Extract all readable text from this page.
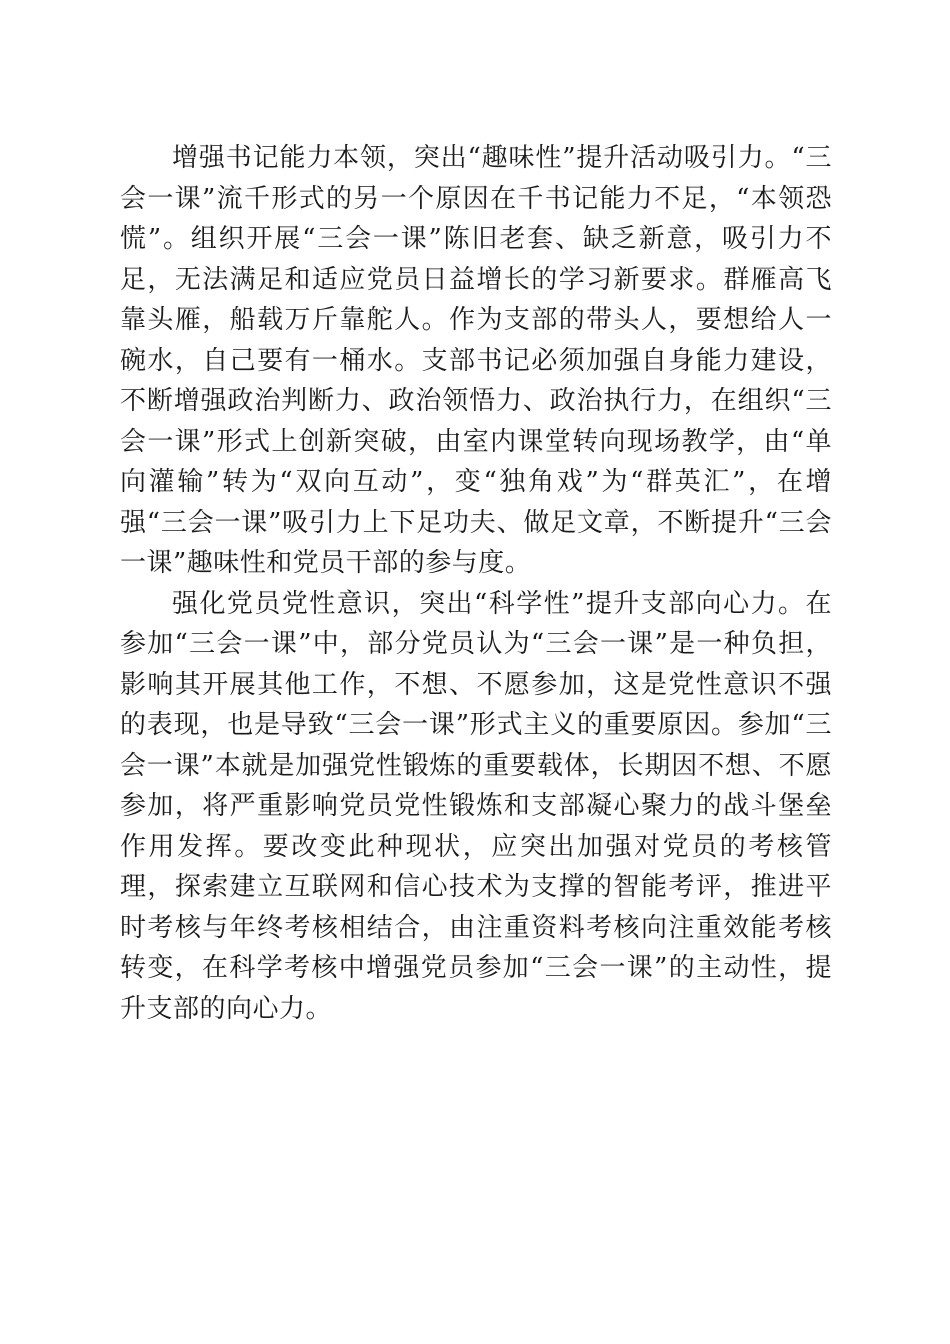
增强书记能力本领，突出“趣味性”提升活动吸引力。“三会一课”流千形式的另一个原因在千书记能力不足，“本领恐慌”。组织开展“三会一课”陈旧老套、缺乏新意，吸引力不足，无法满足和适应党员日益增长的学习新要求。群雁高飞靠头雁，船载万斤靠舵人。作为支部的带头人，要想给人一碗水，自己要有一桶水。支部书记必须加强自身能力建设，不断增强政治判断力、政治领悟力、政治执行力，在组织“三会一课”形式上创新突破，由室内课堂转向现场教学，由“单向灌输”转为“双向互动”，变“独角戏”为“群英汇”，在增强“三会一课”吸引力上下足功夫、做足文章，不断提升“三会一课”趣味性和党员干部的参与度。

强化党员党性意识，突出“科学性”提升支部向心力。在参加“三会一课”中，部分党员认为“三会一课”是一种负担，影响其开展其他工作，不想、不愿参加，这是党性意识不强的表现，也是导致“三会一课”形式主义的重要原因。参加“三会一课”本就是加强党性锻炼的重要载体，长期因不想、不愿参加，将严重影响党员党性锻炼和支部凝心聚力的战斗堡垒作用发挥。要改变此种现状，应突出加强对党员的考核管理，探索建立互联网和信心技术为支撑的智能考评，推进平时考核与年终考核相结合，由注重资料考核向注重效能考核转变，在科学考核中增强党员参加“三会一课”的主动性，提升支部的向心力。
